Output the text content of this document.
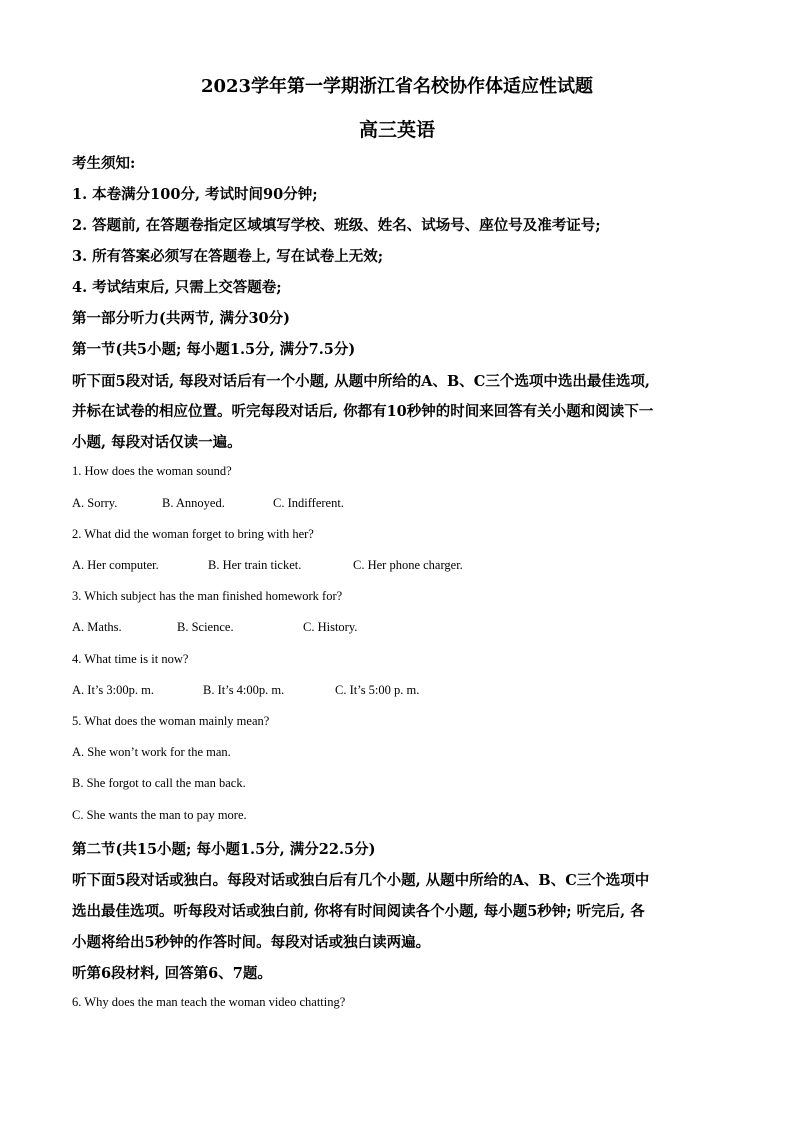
2023学年第一学期浙江省名校协作体适应性试题
高三英语
考生须知:
1. 本卷满分100分, 考试时间90分钟;
2. 答题前, 在答题卷指定区域填写学校、班级、姓名、试场号、座位号及准考证号;
3. 所有答案必须写在答题卷上, 写在试卷上无效;
4. 考试结束后, 只需上交答题卷;
第一部分听力(共两节, 满分30分)
第一节(共5小题; 每小题1.5分, 满分7.5分)
听下面5段对话, 每段对话后有一个小题, 从题中所给的A、B、C三个选项中选出最佳选项,
并标在试卷的相应位置。听完每段对话后, 你都有10秒钟的时间来回答有关小题和阅读下一
小题, 每段对话仅读一遍。
1. How does the woman sound?
A. Sorry.	B. Annoyed.	C. Indifferent.
2. What did the woman forget to bring with her?
A. Her computer.	B. Her train ticket.	C. Her phone charger.
3. Which subject has the man finished homework for?
A. Maths.	B. Science.	C. History.
4. What time is it now?
A. It’s 3:00p. m.	B. It’s 4:00p. m.	C. It’s 5:00 p. m.
5. What does the woman mainly mean?
A. She won’t work for the man.
B. She forgot to call the man back.
C. She wants the man to pay more.
第二节(共15小题; 每小题1.5分, 满分22.5分)
听下面5段对话或独白。每段对话或独白后有几个小题, 从题中所给的A、B、C三个选项中
选出最佳选项。听每段对话或独白前, 你将有时间阅读各个小题, 每小题5秒钟; 听完后, 各
小题将给出5秒钟的作答时间。每段对话或独白读两遍。
听第6段材料, 回答第6、7题。
6. Why does the man teach the woman video chatting?
